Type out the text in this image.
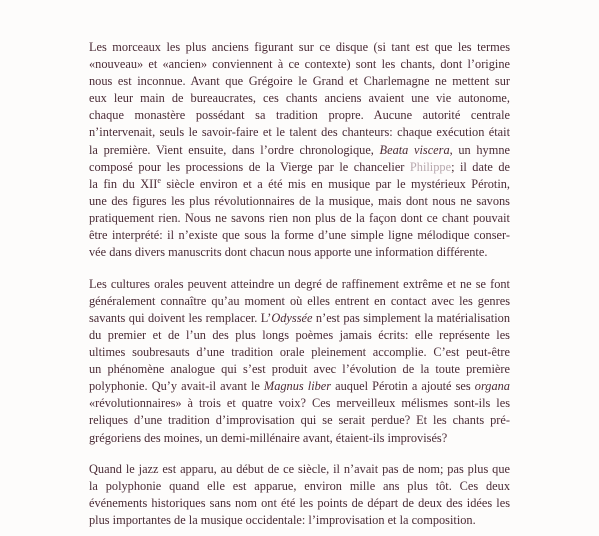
Les morceaux les plus anciens figurant sur ce disque (si tant est que les termes
«nouveau» et «ancien» conviennent à ce contexte) sont les chants, dont l’origine
nous est inconnue. Avant que Grégoire le Grand et Charlemagne ne mettent sur
eux leur main de bureaucrates, ces chants anciens avaient une vie autonome,
chaque monastère possédant sa tradition propre. Aucune autorité centrale
n’intervenait, seuls le savoir-faire et le talent des chanteurs: chaque exécution était
la première. Vient ensuite, dans l’ordre chronologique, Beata viscera, un hymne
composé pour les processions de la Vierge par le chancelier Philippe; il date de
la fin du XIIe siècle environ et a été mis en musique par le mystérieux Pérotin,
une des figures les plus révolutionnaires de la musique, mais dont nous ne savons
pratiquement rien. Nous ne savons rien non plus de la façon dont ce chant pouvait
être interprété: il n’existe que sous la forme d’une simple ligne mélodique conser-
vée dans divers manuscrits dont chacun nous apporte une information différente.

Les cultures orales peuvent atteindre un degré de raffinement extrême et ne se font
généralement connaître qu’au moment où elles entrent en contact avec les genres
savants qui doivent les remplacer. L’Odyssée n’est pas simplement la matérialisation
du premier et de l’un des plus longs poèmes jamais écrits: elle représente les
ultimes soubresauts d’une tradition orale pleinement accomplie. C’est peut-être
un phénomène analogue qui s’est produit avec l’évolution de la toute première
polyphonie. Qu’y avait-il avant le Magnus liber auquel Pérotin a ajouté ses organa
«révolutionnaires» à trois et quatre voix? Ces merveilleux mélismes sont-ils les
reliques d’une tradition d’improvisation qui se serait perdue? Et les chants pré-
grégoriens des moines, un demi-millénaire avant, étaient-ils improvisés?

Quand le jazz est apparu, au début de ce siècle, il n’avait pas de nom; pas plus que
la polyphonie quand elle est apparue, environ mille ans plus tôt. Ces deux
événements historiques sans nom ont été les points de départ de deux des idées les
plus importantes de la musique occidentale: l’improvisation et la composition.
